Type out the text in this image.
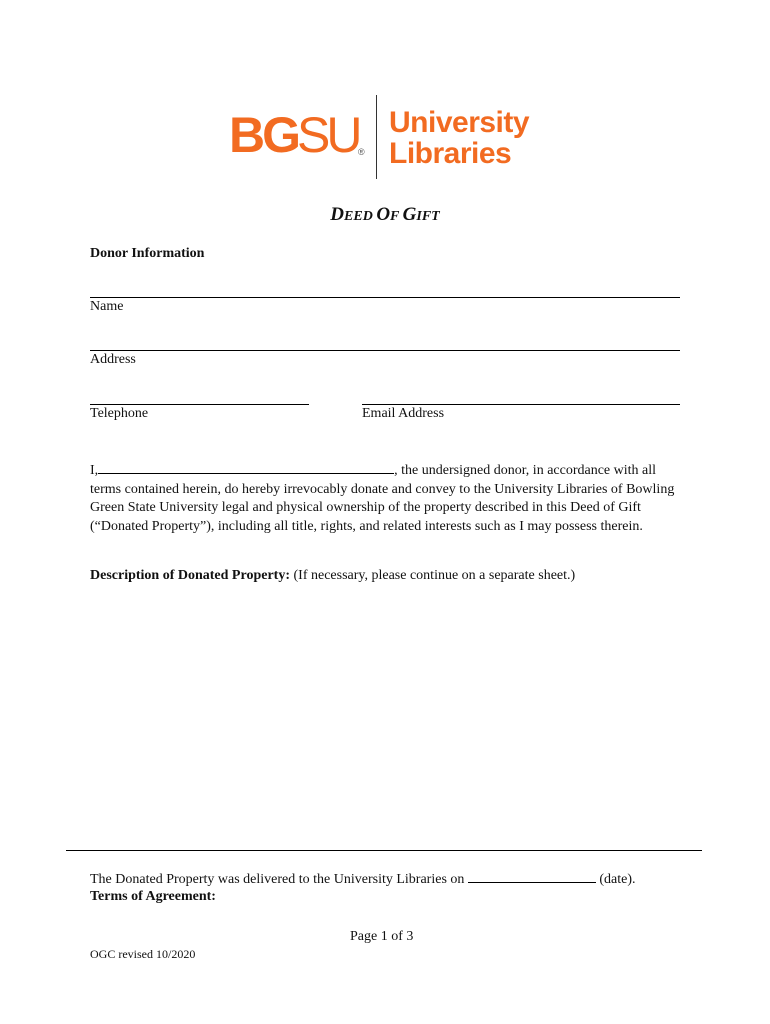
BG SU ®
University
Libraries
DEED OF GIFT
Donor Information
Name
Address
Telephone	Email Address
I,	, the undersigned donor, in accordance with all terms contained herein, do hereby irrevocably donate and convey to the University Libraries of Bowling Green State University legal and physical ownership of the property described in this Deed of Gift (“Donated Property”), including all title, rights, and related interests such as I may possess therein.
Description of Donated Property: (If necessary, please continue on a separate sheet.)
The Donated Property was delivered to the University Libraries on	(date).
Terms of Agreement:
Page 1 of 3
OGC revised 10/2020
